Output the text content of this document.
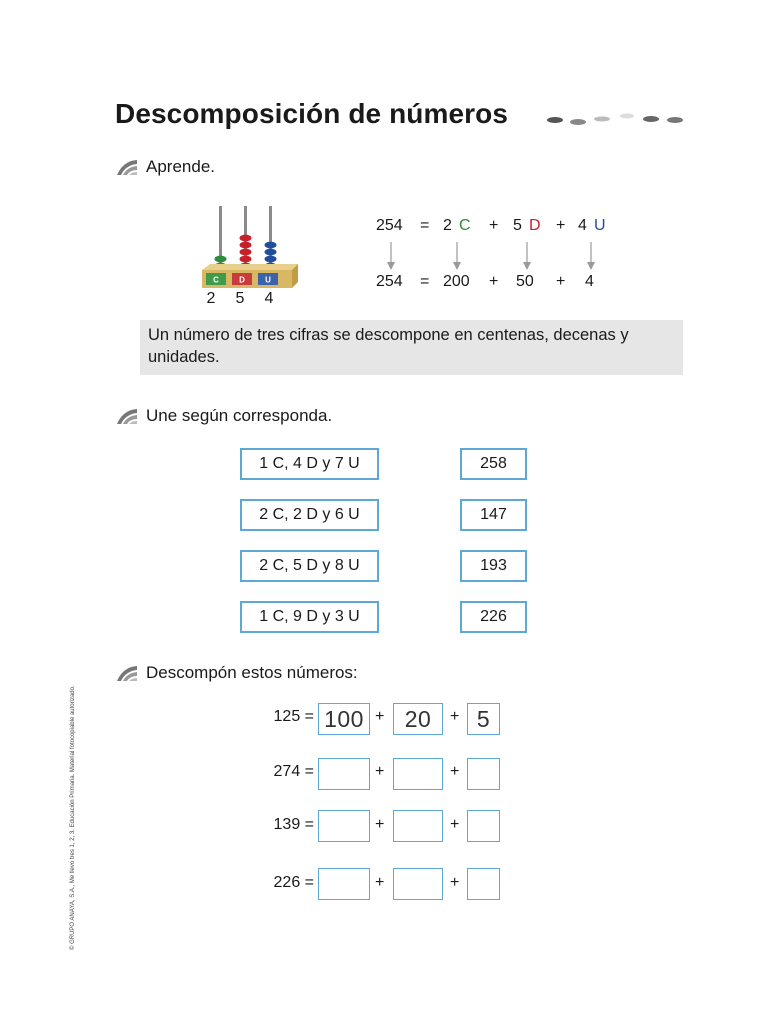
Descomposición de números
Aprende.
C	D	U
2	5	4
254 = 2 C + 5 D + 4 U
254 = 200 + 50 + 4
Un número de tres cifras se descompone en centenas, decenas y unidades.
Une según corresponda.
1 C, 4 D y 7 U
2 C, 2 D y 6 U
2 C, 5 D y 8 U
1 C, 9 D y 3 U
258
147
193
226
Descompón estos números:
125 = 100 + 20	+ 5
274 =	+	+
139 =	+	+
226 =	+	+
© GRUPO ANAYA, S.A., Me llevo tres 1, 2, 3. Educación Primaria. Material fotocopiable autorizado.
